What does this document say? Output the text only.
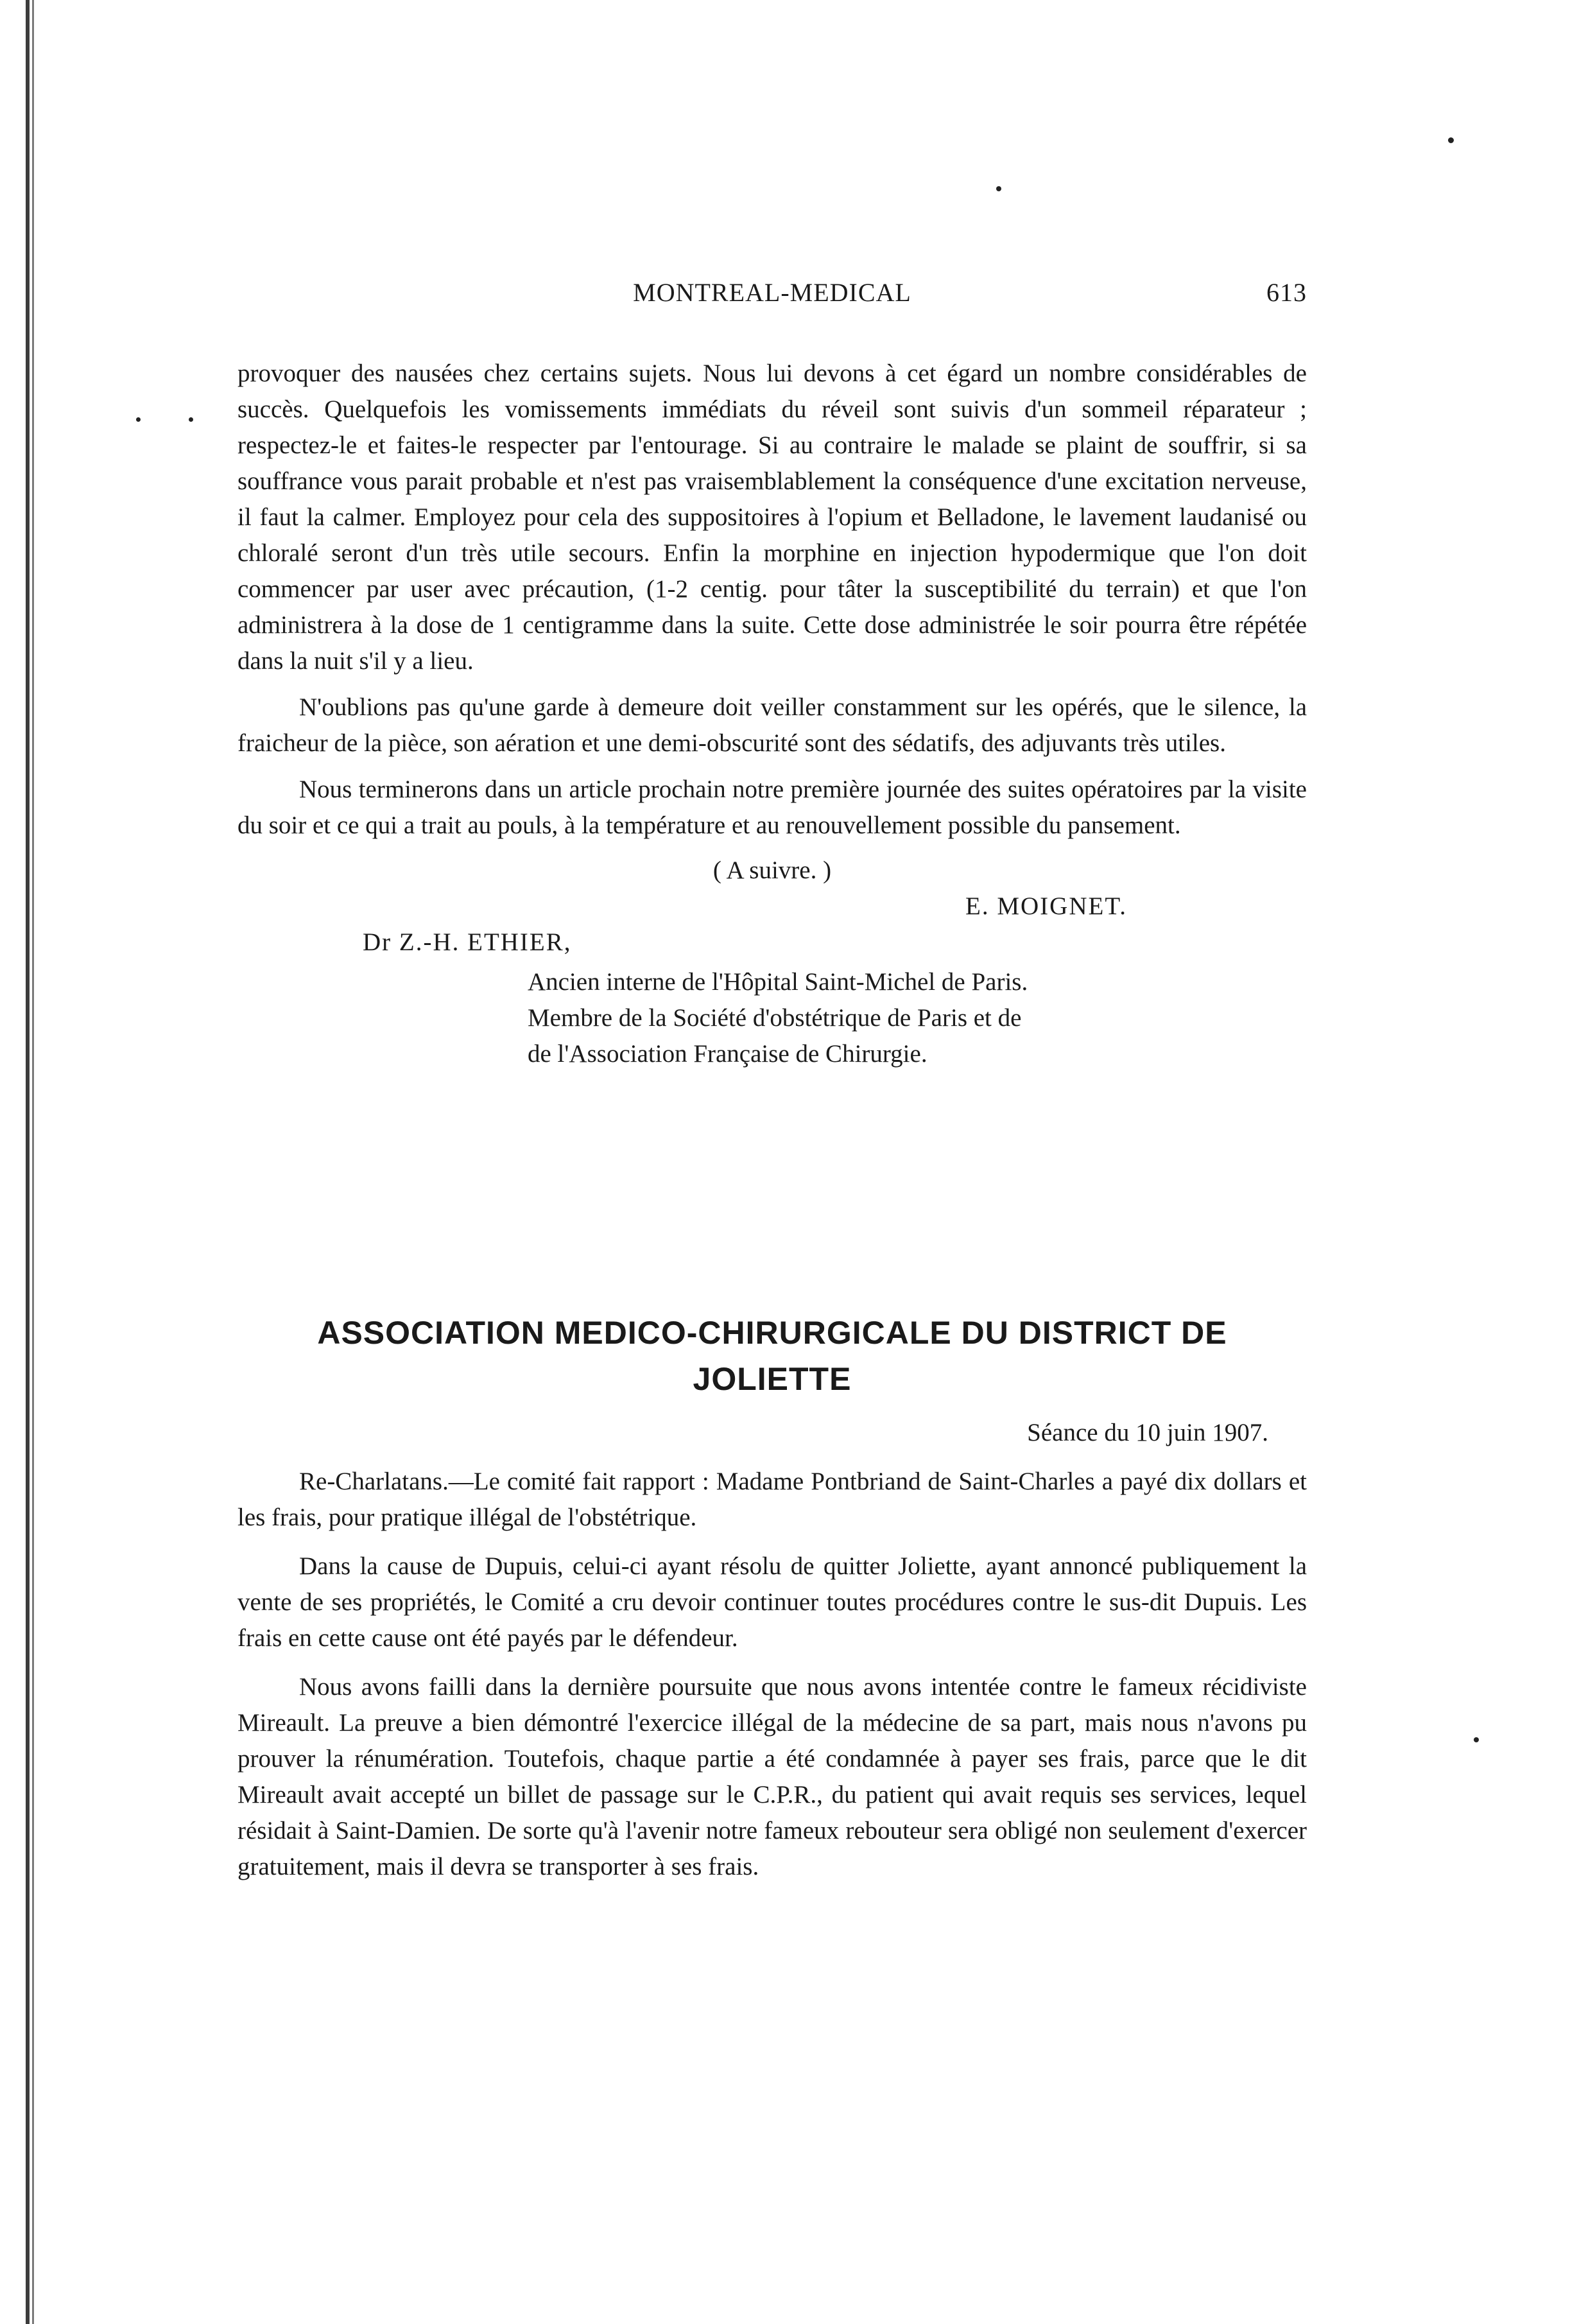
MONTREAL-MEDICAL	613

provoquer des nausées chez certains sujets. Nous lui devons à cet égard un nombre considérables de succès. Quelquefois les vomissements immédiats du réveil sont suivis d'un sommeil réparateur ; respectez-le et faites-le respecter par l'entourage. Si au contraire le malade se plaint de souffrir, si sa souffrance vous parait probable et n'est pas vraisemblablement la conséquence d'une excitation nerveuse, il faut la calmer. Employez pour cela des suppositoires à l'opium et Belladone, le lavement laudanisé ou chloralé seront d'un très utile secours. Enfin la morphine en injection hypodermique que l'on doit commencer par user avec précaution, (1-2 centig. pour tâter la susceptibilité du terrain) et que l'on administrera à la dose de 1 centigramme dans la suite. Cette dose administrée le soir pourra être répétée dans la nuit s'il y a lieu.

N'oublions pas qu'une garde à demeure doit veiller constamment sur les opérés, que le silence, la fraicheur de la pièce, son aération et une demi-obscurité sont des sédatifs, des adjuvants très utiles.

Nous terminerons dans un article prochain notre première journée des suites opératoires par la visite du soir et ce qui a trait au pouls, à la température et au renouvellement possible du pansement.

( A suivre. )

E. MOIGNET.

Dr Z.-H. ETHIER,

Ancien interne de l'Hôpital Saint-Michel de Paris.

Membre de la Société d'obstétrique de Paris et de

de l'Association Française de Chirurgie.

ASSOCIATION MEDICO-CHIRURGICALE DU DISTRICT DE

JOLIETTE

Séance du 10 juin 1907.

Re-Charlatans.—Le comité fait rapport : Madame Pontbriand de Saint-Charles a payé dix dollars et les frais, pour pratique illégal de l'obstétrique.

Dans la cause de Dupuis, celui-ci ayant résolu de quitter Joliette, ayant annoncé publiquement la vente de ses propriétés, le Comité a cru devoir continuer toutes procédures contre le sus-dit Dupuis. Les frais en cette cause ont été payés par le défendeur.

Nous avons failli dans la dernière poursuite que nous avons intentée contre le fameux récidiviste Mireault. La preuve a bien démontré l'exercice illégal de la médecine de sa part, mais nous n'avons pu prouver la rénumération. Toutefois, chaque partie a été condamnée à payer ses frais, parce que le dit Mireault avait accepté un billet de passage sur le C.P.R., du patient qui avait requis ses services, lequel résidait à Saint-Damien. De sorte qu'à l'avenir notre fameux rebouteur sera obligé non seulement d'exercer gratuitement, mais il devra se transporter à ses frais.
